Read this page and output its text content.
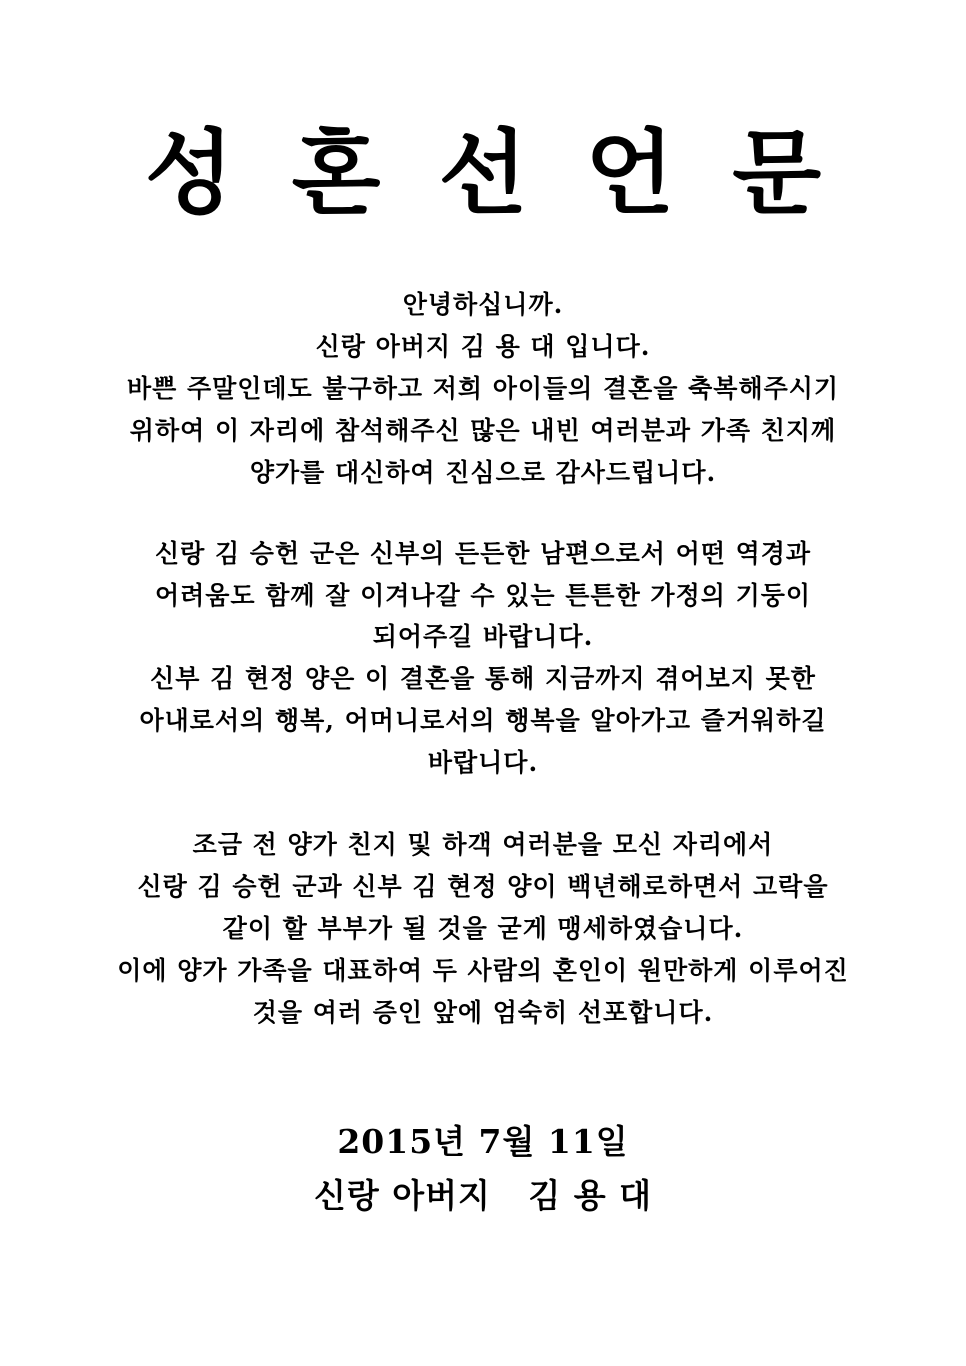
성혼선언문

안녕하십니까.

신랑 아버지 김 용 대 입니다.

바쁜 주말인데도 불구하고 저희 아이들의 결혼을 축복해주시기

위하여 이 자리에 참석해주신 많은 내빈 여러분과 가족 친지께

양가를 대신하여 진심으로 감사드립니다.

신랑 김 승헌 군은 신부의 든든한 남편으로서 어떤 역경과

어려움도 함께 잘 이겨나갈 수 있는 튼튼한 가정의 기둥이

되어주길 바랍니다.

신부 김 현정 양은 이 결혼을 통해 지금까지 겪어보지 못한

아내로서의 행복, 어머니로서의 행복을 알아가고 즐거워하길

바랍니다.

조금 전 양가 친지 및 하객 여러분을 모신 자리에서

신랑 김 승헌 군과 신부 김 현정 양이 백년해로하면서 고락을

같이 할 부부가 될 것을 굳게 맹세하였습니다.

이에 양가 가족을 대표하여 두 사람의 혼인이 원만하게 이루어진

것을 여러 증인 앞에 엄숙히 선포합니다.

2015년 7월 11일

신랑 아버지   김 용 대
